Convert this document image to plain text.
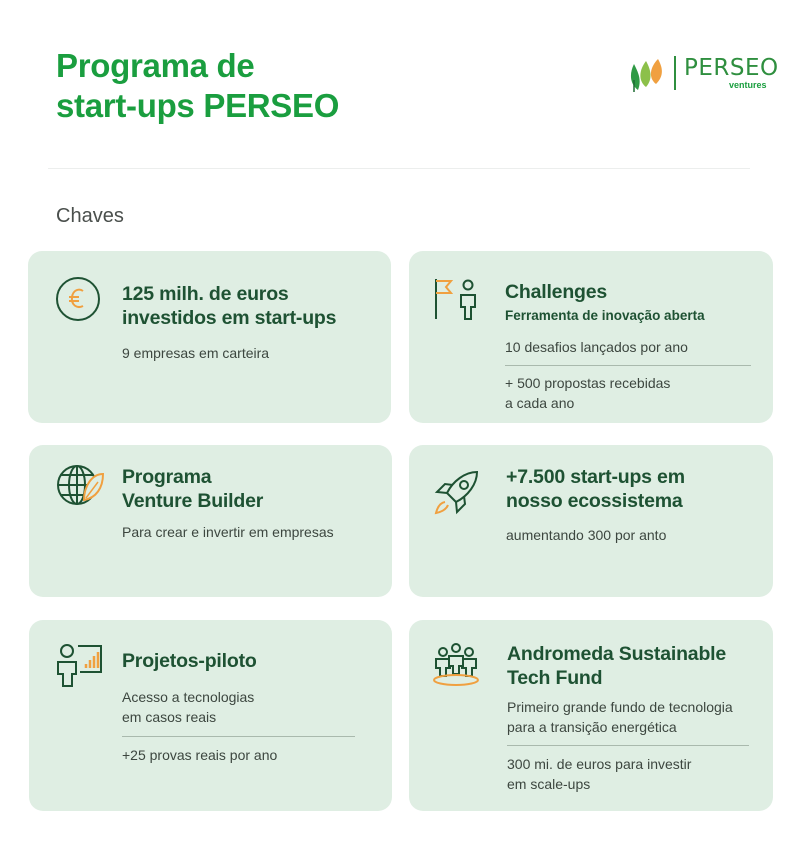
Programa de
start-ups PERSEO
PERSEO
ventures
Chaves
125 milh. de euros
investidos em start-ups
9 empresas em carteira
Challenges
Ferramenta de inovação aberta
10 desafios lançados por ano
+ 500 propostas recebidas
a cada ano
Programa
Venture Builder
Para crear e invertir em empresas
+7.500 start-ups em
nosso ecossistema
aumentando 300 por anto
Projetos-piloto
Acesso a tecnologias
em casos reais
+25 provas reais por ano
Andromeda Sustainable
Tech Fund
Primeiro grande fundo de tecnologia
para a transição energética
300 mi. de euros para investir
em scale-ups
